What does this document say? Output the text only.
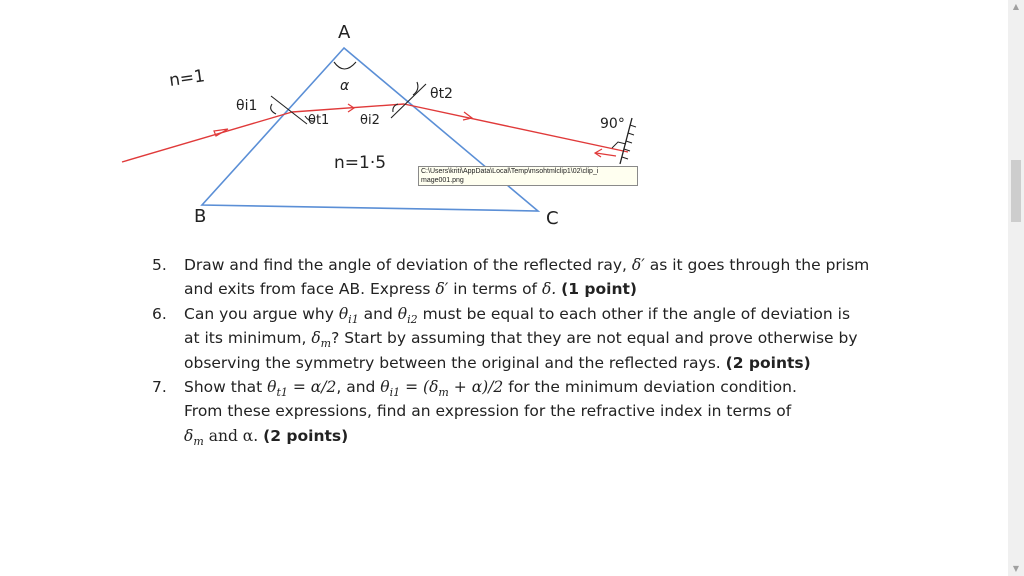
A
B	C
α
n=1
n=1·5
θi1
θt1 θi2
θt2
90°
C:\Users\kriti\AppData\Local\Temp\msohtmlclip1\02\clip_i
mage001.png
5. Draw and find the angle of deviation of the reflected ray, δ′ as it goes through the prism
and exits from face AB. Express δ′ in terms of δ. (1 point)
6. Can you argue why $\theta_{i1}$ and $\theta_{i2}$ must be equal to each other if the angle of deviation is
at its minimum, $\delta_m$? Start by assuming that they are not equal and prove otherwise by
observing the symmetry between the original and the reflected rays. (2 points)
7. Show that $\theta_{t1} = \alpha/2$, and $\theta_{i1} = (\delta_m + \alpha)/2$ for the minimum deviation condition.
From these expressions, find an expression for the refractive index in terms of
$\delta_m$ and α. (2 points)
▲
▼
